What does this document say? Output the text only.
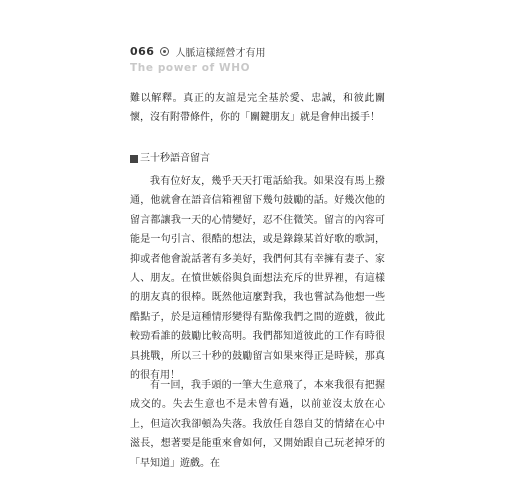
066 人脈這樣經營才有用
The power of WHO

難以解釋。真正的友誼是完全基於愛、忠誠，和彼此關懷，沒有附帶條件，你的「關鍵朋友」就是會伸出援手！

三十秒語音留言

我有位好友，幾乎天天打電話給我。如果沒有馬上撥通，他就會在語音信箱裡留下幾句鼓勵的話。好幾次他的留言都讓我一天的心情變好，忍不住微笑。留言的內容可能是一句引言、很酷的想法，或是錄錄某首好歌的歌詞，抑或者他會說話著有多美好，我們何其有幸擁有妻子、家人、朋友。在憤世嫉俗與負面想法充斥的世界裡，有這樣的朋友真的很棒。既然他這麼對我，我也嘗試為他想一些酷點子，於是這種情形變得有點像我們之間的遊戲，彼此較勁看誰的鼓勵比較高明。我們都知道彼此的工作有時很具挑戰，所以三十秒的鼓勵留言如果來得正是時候，那真的很有用！

有一回，我手頭的一筆大生意飛了，本來我很有把握成交的。失去生意也不是未曾有過，以前並沒太放在心上，但這次我卻頓為失落。我放任自怨自艾的情緒在心中滋長，想著要是能重來會如何，又開始跟自己玩老掉牙的「早知道」遊戲。在
